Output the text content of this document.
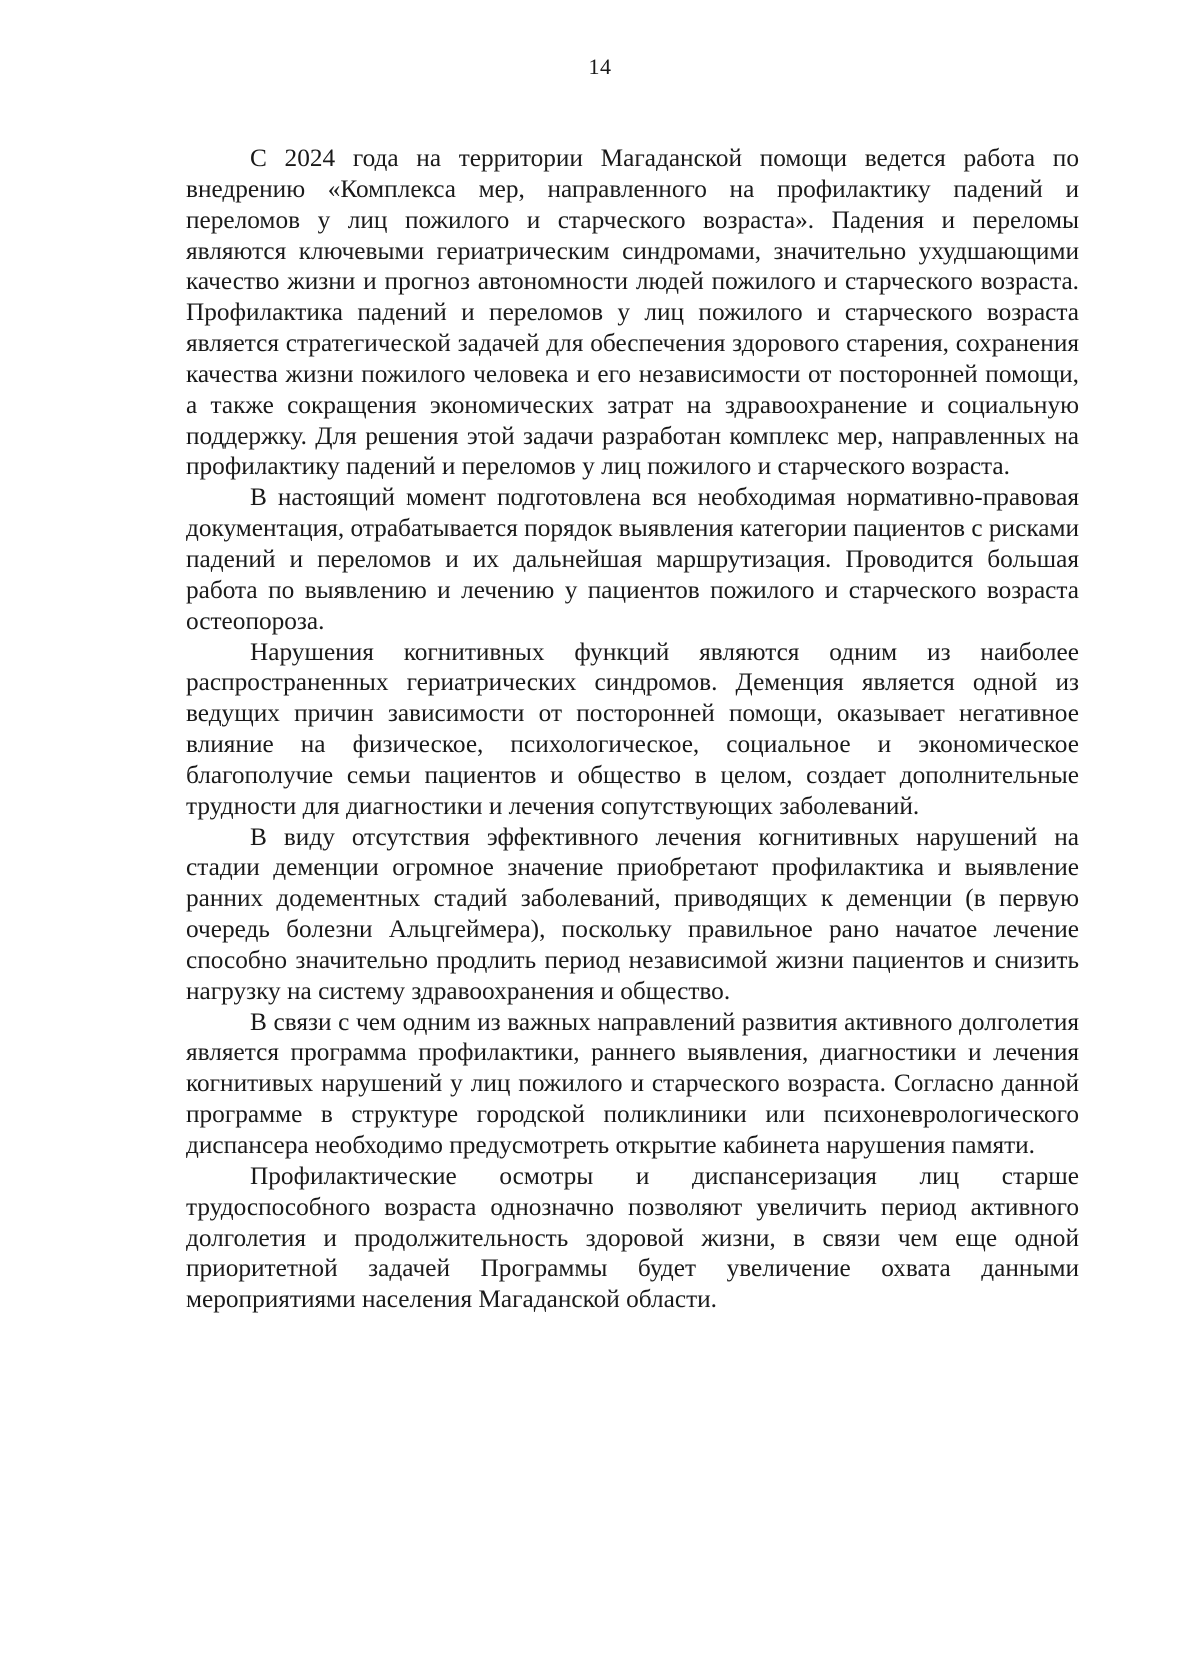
14

С 2024 года на территории Магаданской помощи ведется работа по внедрению «Комплекса мер, направленного на профилактику падений и переломов у лиц пожилого и старческого возраста». Падения и переломы являются ключевыми гериатрическим синдромами, значительно ухудшающими качество жизни и прогноз автономности людей пожилого и старческого возраста. Профилактика падений и переломов у лиц пожилого и старческого возраста является стратегической задачей для обеспечения здорового старения, сохранения качества жизни пожилого человека и его независимости от посторонней помощи, а также сокращения экономических затрат на здравоохранение и социальную поддержку. Для решения этой задачи разработан комплекс мер, направленных на профилактику падений и переломов у лиц пожилого и старческого возраста.

В настоящий момент подготовлена вся необходимая нормативно-правовая документация, отрабатывается порядок выявления категории пациентов с рисками падений и переломов и их дальнейшая маршрутизация. Проводится большая работа по выявлению и лечению у пациентов пожилого и старческого возраста остеопороза.

Нарушения когнитивных функций являются одним из наиболее распространенных гериатрических синдромов. Деменция является одной из ведущих причин зависимости от посторонней помощи, оказывает негативное влияние на физическое, психологическое, социальное и экономическое благополучие семьи пациентов и общество в целом, создает дополнительные трудности для диагностики и лечения сопутствующих заболеваний.

В виду отсутствия эффективного лечения когнитивных нарушений на стадии деменции огромное значение приобретают профилактика и выявление ранних додементных стадий заболеваний, приводящих к деменции (в первую очередь болезни Альцгеймера), поскольку правильное рано начатое лечение способно значительно продлить период независимой жизни пациентов и снизить нагрузку на систему здравоохранения и общество.

В связи с чем одним из важных направлений развития активного долголетия является программа профилактики, раннего выявления, диагностики и лечения когнитивых нарушений у лиц пожилого и старческого возраста. Согласно данной программе в структуре городской поликлиники или психоневрологического диспансера необходимо предусмотреть открытие кабинета нарушения памяти.

Профилактические осмотры и диспансеризация лиц старше трудоспособного возраста однозначно позволяют увеличить период активного долголетия и продолжительность здоровой жизни, в связи чем еще одной приоритетной задачей Программы будет увеличение охвата данными мероприятиями населения Магаданской области.
